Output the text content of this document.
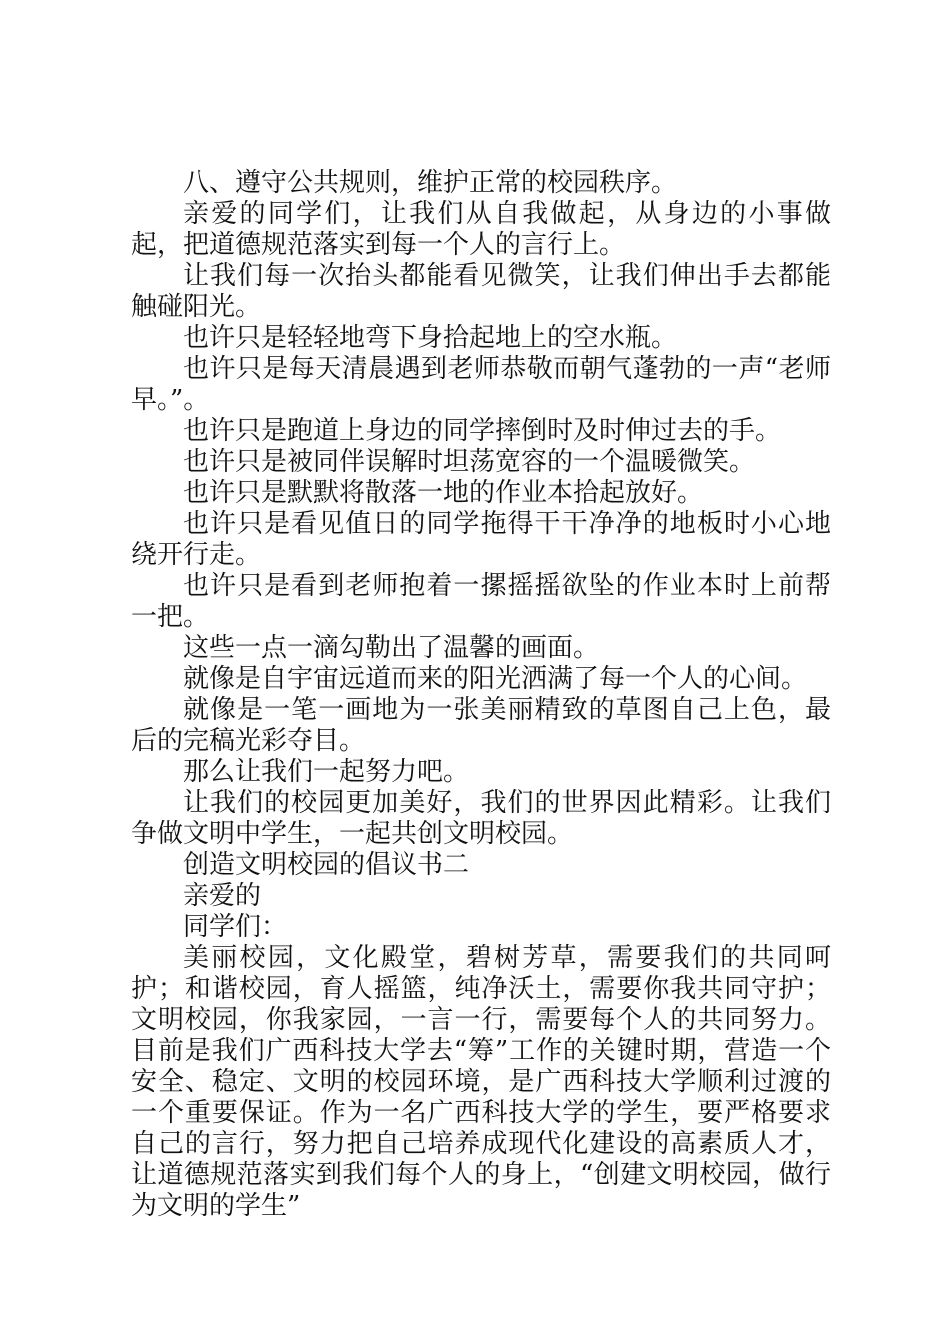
八、遵守公共规则，维护正常的校园秩序。

亲爱的同学们，让我们从自我做起，从身边的小事做起，把道德规范落实到每一个人的言行上。

让我们每一次抬头都能看见微笑，让我们伸出手去都能触碰阳光。

也许只是轻轻地弯下身拾起地上的空水瓶。

也许只是每天清晨遇到老师恭敬而朝气蓬勃的一声“老师早。”。

也许只是跑道上身边的同学摔倒时及时伸过去的手。

也许只是被同伴误解时坦荡宽容的一个温暖微笑。

也许只是默默将散落一地的作业本拾起放好。

也许只是看见值日的同学拖得干干净净的地板时小心地绕开行走。

也许只是看到老师抱着一摞摇摇欲坠的作业本时上前帮一把。

这些一点一滴勾勒出了温馨的画面。

就像是自宇宙远道而来的阳光洒满了每一个人的心间。

就像是一笔一画地为一张美丽精致的草图自己上色，最后的完稿光彩夺目。

那么让我们一起努力吧。

让我们的校园更加美好，我们的世界因此精彩。让我们争做文明中学生，一起共创文明校园。

创造文明校园的倡议书二

亲爱的

同学们：

美丽校园，文化殿堂，碧树芳草，需要我们的共同呵护；和谐校园，育人摇篮，纯净沃土，需要你我共同守护；文明校园，你我家园，一言一行，需要每个人的共同努力。目前是我们广西科技大学去“筹”工作的关键时期，营造一个安全、稳定、文明的校园环境，是广西科技大学顺利过渡的一个重要保证。作为一名广西科技大学的学生，要严格要求自己的言行，努力把自己培养成现代化建设的高素质人才，让道德规范落实到我们每个人的身上，“创建文明校园，做行为文明的学生”
